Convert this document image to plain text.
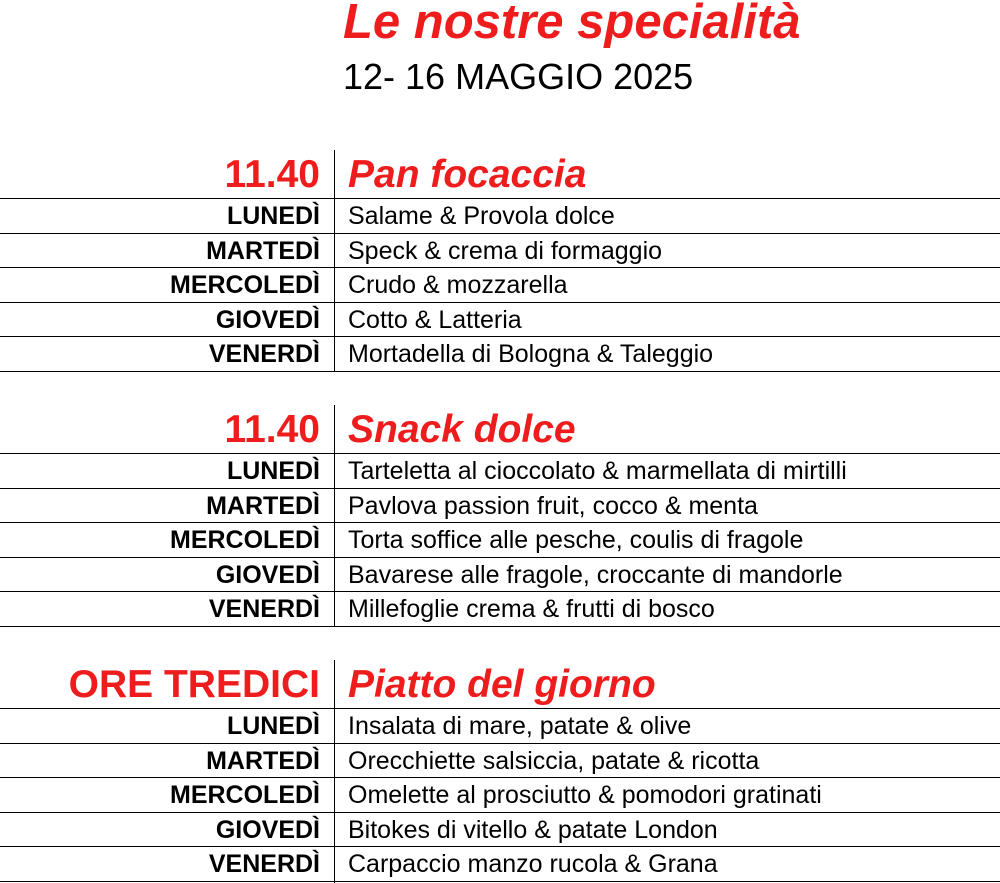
Le nostre specialità
12- 16 MAGGIO 2025
11.40 Pan focaccia
LUNEDÌ Salame & Provola dolce
MARTEDÌ Speck & crema di formaggio
MERCOLEDÌ Crudo & mozzarella
GIOVEDÌ Cotto & Latteria
VENERDÌ Mortadella di Bologna & Taleggio
11.40 Snack dolce
LUNEDÌ Tarteletta al cioccolato & marmellata di mirtilli
MARTEDÌ Pavlova passion fruit, cocco & menta
MERCOLEDÌ Torta soffice alle pesche, coulis di fragole
GIOVEDÌ Bavarese alle fragole, croccante di mandorle
VENERDÌ Millefoglie crema & frutti di bosco
ORE TREDICI Piatto del giorno
LUNEDÌ Insalata di mare, patate & olive
MARTEDÌ Orecchiette salsiccia, patate & ricotta
MERCOLEDÌ Omelette al prosciutto & pomodori gratinati
GIOVEDÌ Bitokes di vitello & patate London
VENERDÌ Carpaccio manzo rucola & Grana
